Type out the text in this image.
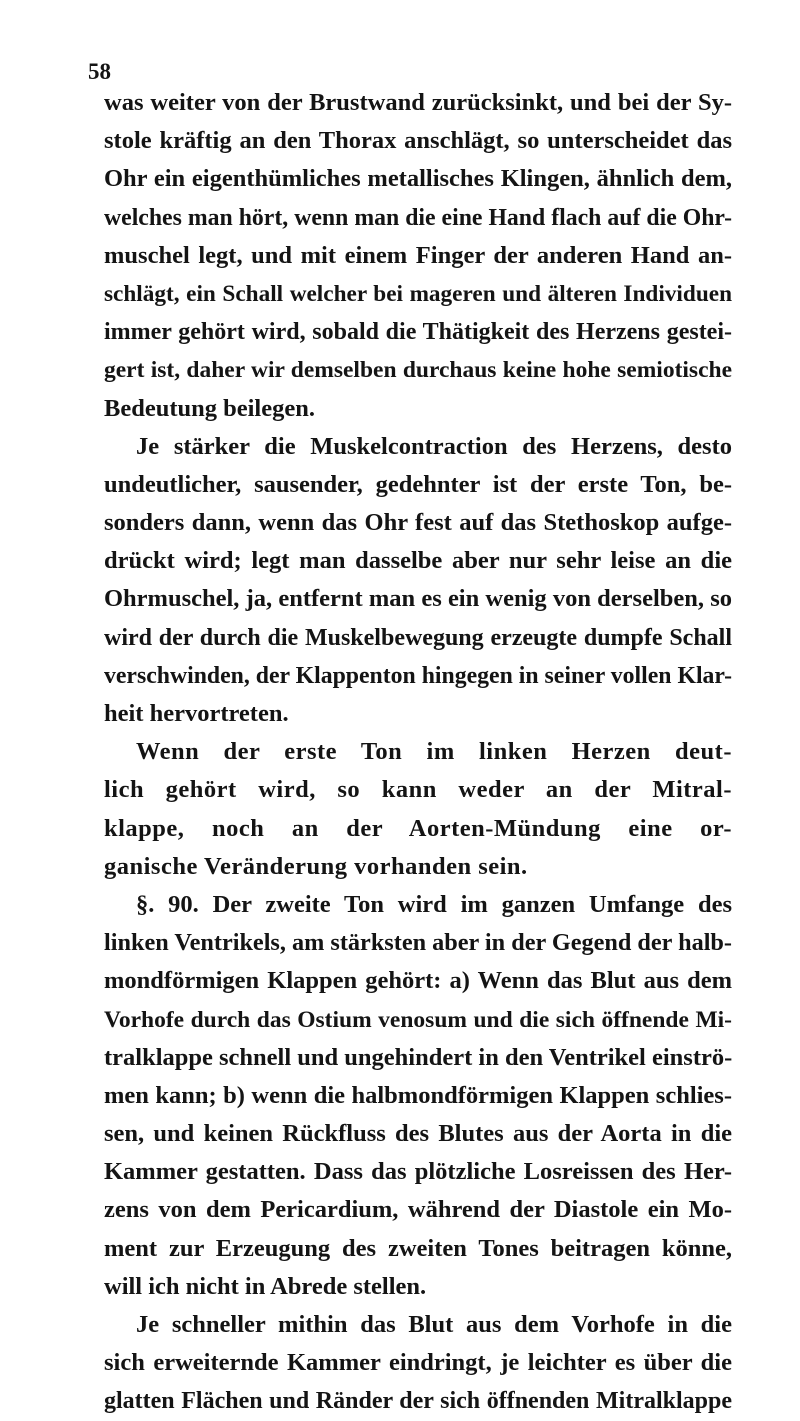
58
was weiter von der Brustwand zurücksinkt, und bei der Sy-
stole kräftig an den Thorax anschlägt, so unterscheidet das
Ohr ein eigenthümliches metallisches Klingen, ähnlich dem,
welches man hört, wenn man die eine Hand flach auf die Ohr-
muschel legt, und mit einem Finger der anderen Hand an-
schlägt, ein Schall welcher bei mageren und älteren Individuen
immer gehört wird, sobald die Thätigkeit des Herzens gestei-
gert ist, daher wir demselben durchaus keine hohe semiotische
Bedeutung beilegen.
Je stärker die Muskelcontraction des Herzens, desto
undeutlicher, sausender, gedehnter ist der erste Ton, be-
sonders dann, wenn das Ohr fest auf das Stethoskop aufge-
drückt wird; legt man dasselbe aber nur sehr leise an die
Ohrmuschel, ja, entfernt man es ein wenig von derselben, so
wird der durch die Muskelbewegung erzeugte dumpfe Schall
verschwinden, der Klappenton hingegen in seiner vollen Klar-
heit hervortreten.
Wenn der erste Ton im linken Herzen deut-
lich gehört wird, so kann weder an der Mitral-
klappe, noch an der Aorten-Mündung eine or-
ganische Veränderung vorhanden sein.
§. 90. Der zweite Ton wird im ganzen Umfange des
linken Ventrikels, am stärksten aber in der Gegend der halb-
mondförmigen Klappen gehört: a) Wenn das Blut aus dem
Vorhofe durch das Ostium venosum und die sich öffnende Mi-
tralklappe schnell und ungehindert in den Ventrikel einströ-
men kann; b) wenn die halbmondförmigen Klappen schlies-
sen, und keinen Rückfluss des Blutes aus der Aorta in die
Kammer gestatten. Dass das plötzliche Losreissen des Her-
zens von dem Pericardium, während der Diastole ein Mo-
ment zur Erzeugung des zweiten Tones beitragen könne,
will ich nicht in Abrede stellen.
Je schneller mithin das Blut aus dem Vorhofe in die
sich erweiternde Kammer eindringt, je leichter es über die
glatten Flächen und Ränder der sich öffnenden Mitralklappe
